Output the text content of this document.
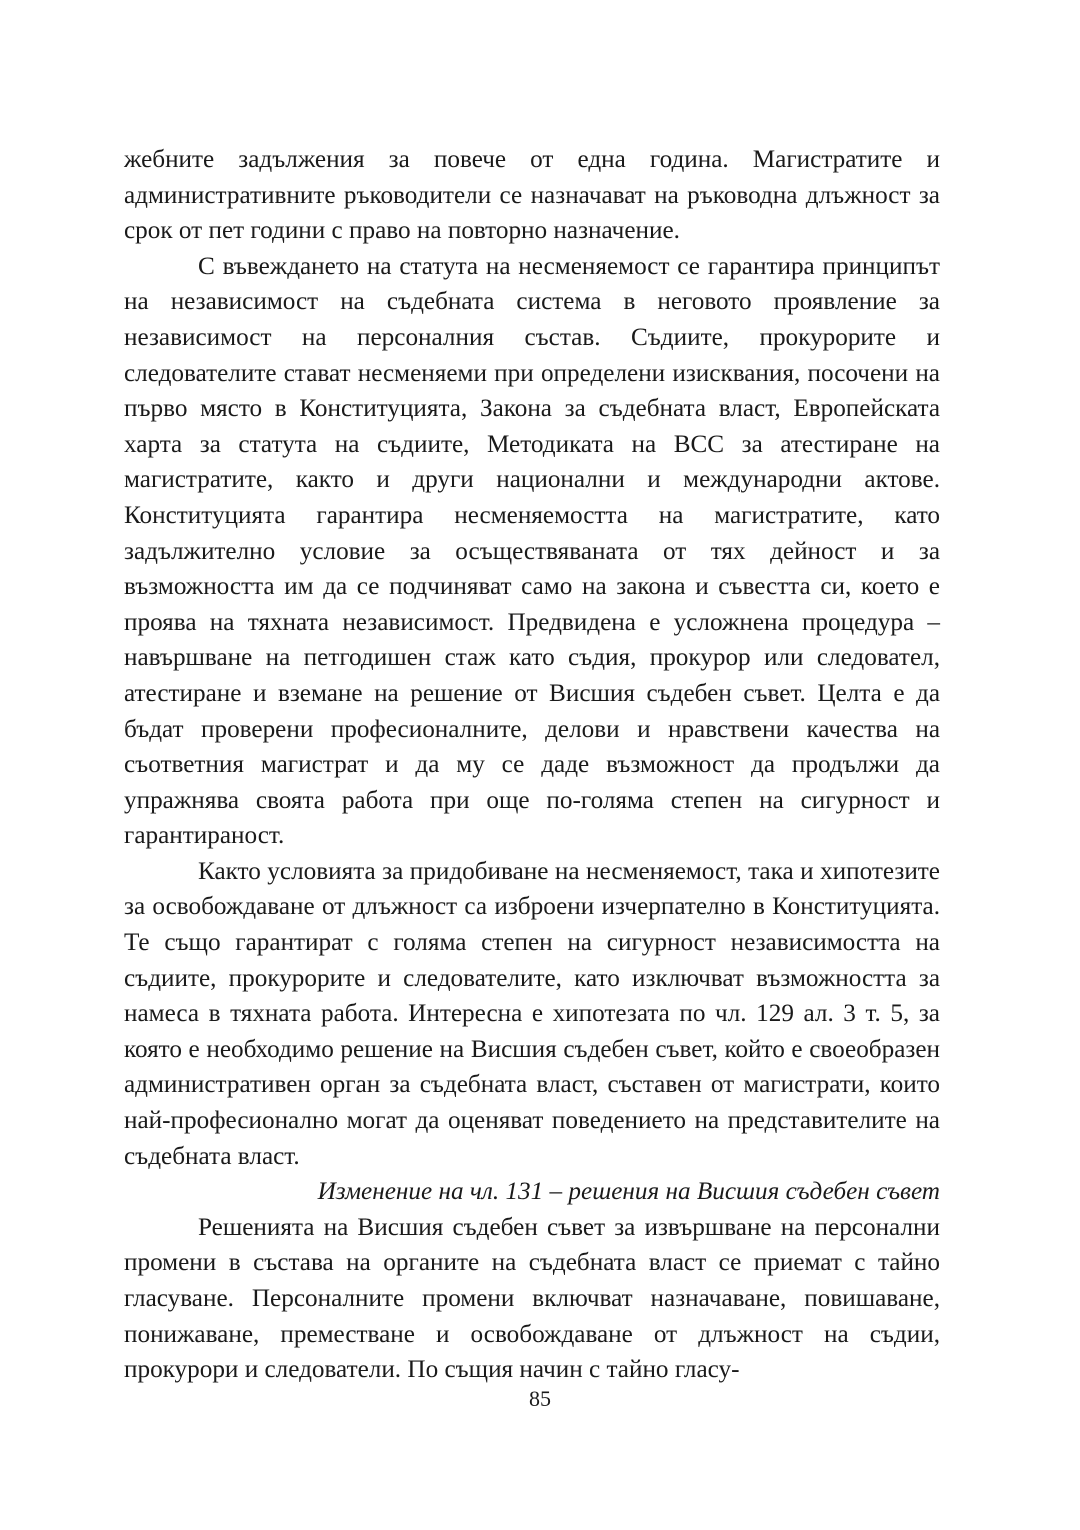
жебните задължения за повече от една година. Магистратите и административните ръководители се назначават на ръководна длъжност за срок от пет години с право на повторно назначение.

С въвеждането на статута на несменяемост се гарантира принципът на независимост на съдебната система в неговото проявление за независимост на персоналния състав. Съдиите, прокурорите и следователите стават несменяеми при определени изисквания, посочени на първо място в Конституцията, Закона за съдебната власт, Европейската харта за статута на съдиите, Методиката на ВСС за атестиране на магистратите, както и други национални и международни актове. Конституцията гарантира несменяемостта на магистратите, като задължително условие за осъществяваната от тях дейност и за възможността им да се подчиняват само на закона и съвестта си, което е проява на тяхната независимост. Предвидена е усложнена процедура – навършване на петгодишен стаж като съдия, прокурор или следовател, атестиране и вземане на решение от Висшия съдебен съвет. Целта е да бъдат проверени професионалните, делови и нравствени качества на съответния магистрат и да му се даде възможност да продължи да упражнява своята работа при още по-голяма степен на сигурност и гарантираност.

Както условията за придобиване на несменяемост, така и хипотезите за освобождаване от длъжност са изброени изчерпателно в Конституцията. Те също гарантират с голяма степен на сигурност независимостта на съдиите, прокурорите и следователите, като изключват възможността за намеса в тяхната работа. Интересна е хипотезата по чл. 129 ал. 3 т. 5, за която е необходимо решение на Висшия съдебен съвет, който е своеобразен административен орган за съдебната власт, съставен от магистрати, които най-професионално могат да оценяват поведението на представителите на съдебната власт.

Изменение на чл. 131 – решения на Висшия съдебен съвет

Решенията на Висшия съдебен съвет за извършване на персонални промени в състава на органите на съдебната власт се приемат с тайно гласуване. Персоналните промени включват назначаване, повишаване, понижаване, преместване и освобождаване от длъжност на съдии, прокурори и следователи. По същия начин с тайно гласу-

85
